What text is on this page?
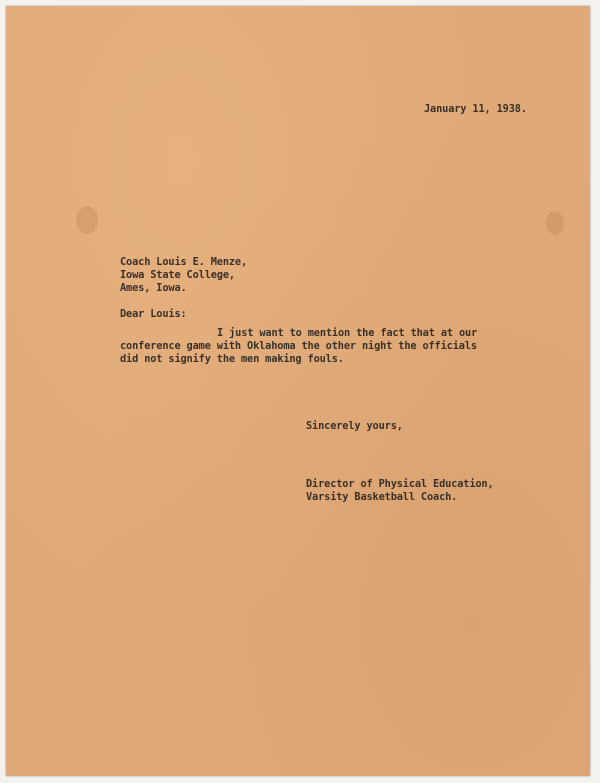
January 11, 1938.
Coach Louis E. Menze,
Iowa State College,
Ames, Iowa.
Dear Louis:
I just want to mention the fact that at our
conference game with Oklahoma the other night the officials
did not signify the men making fouls.
Sincerely yours,
Director of Physical Education,
Varsity Basketball Coach.
